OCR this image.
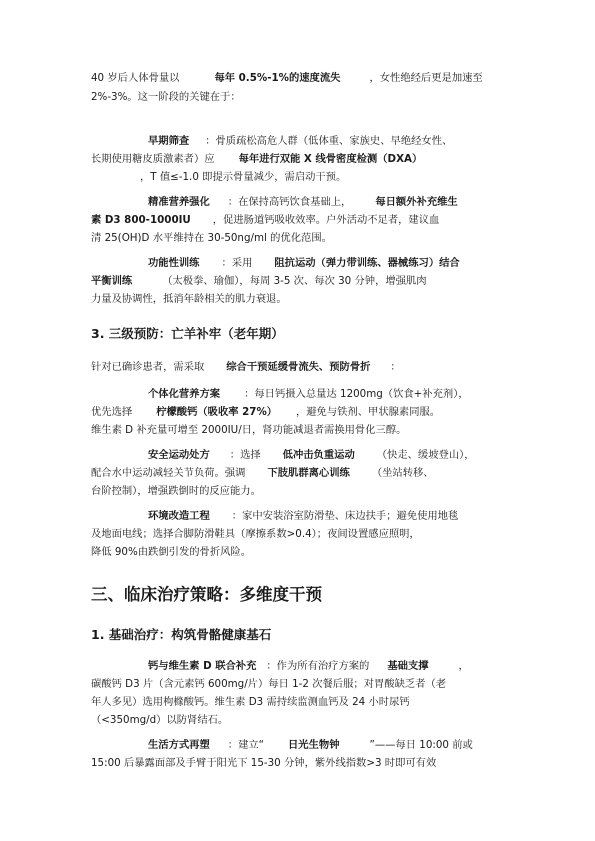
40 岁后人体骨量以	每年 0.5%-1%的速度流失	，女性绝经后更是加速至
2%-3%。这一阶段的关键在于：
早期筛查 ：骨质疏松高危人群（低体重、家族史、早绝经女性、
长期使用糖皮质激素者）应 每年进行双能 X 线骨密度检测（DXA）
，T 值≤-1.0 即提示骨量减少，需启动干预。
精准营养强化 ：在保持高钙饮食基础上， 每日额外补充维生
素 D3 800-1000IU ，促进肠道钙吸收效率。户外活动不足者，建议血
清 25(OH)D 水平维持在 30-50ng/ml 的优化范围。
功能性训练 ：采用 阻抗运动（弹力带训练、器械练习）结合
平衡训练	（太极拳、瑜伽），每周 3-5 次、每次 30 分钟，增强肌肉
力量及协调性，抵消年龄相关的肌力衰退。
3. 三级预防：亡羊补牢（老年期）
针对已确诊患者，需采取 综合干预延缓骨流失、预防骨折 ：
个体化营养方案 ：每日钙摄入总量达 1200mg（饮食+补充剂），
优先选择 柠檬酸钙（吸收率 27%） ，避免与铁剂、甲状腺素同服。
维生素 D 补充量可增至 2000IU/日，肾功能减退者需换用骨化三醇。
安全运动处方 ：选择 低冲击负重运动 （快走、缓坡登山），
配合水中运动减轻关节负荷。强调 下肢肌群离心训练 （坐站转移、
台阶控制），增强跌倒时的反应能力。
环境改造工程 ：家中安装浴室防滑垫、床边扶手；避免使用地毯
及地面电线；选择合脚防滑鞋具（摩擦系数>0.4）；夜间设置感应照明，
降低 90%由跌倒引发的骨折风险。
三、临床治疗策略：多维度干预
1. 基础治疗：构筑骨骼健康基石
钙与维生素 D 联合补充 ：作为所有治疗方案的 基础支撑	，
碳酸钙 D3 片（含元素钙 600mg/片）每日 1-2 次餐后服；对胃酸缺乏者（老
年人多见）选用枸橼酸钙。维生素 D3 需持续监测血钙及 24 小时尿钙
（<350mg/d）以防肾结石。
生活方式再塑 ：建立“ 日光生物钟	”——每日 10:00 前或
15:00 后暴露面部及手臂于阳光下 15-30 分钟，紫外线指数>3 时即可有效
